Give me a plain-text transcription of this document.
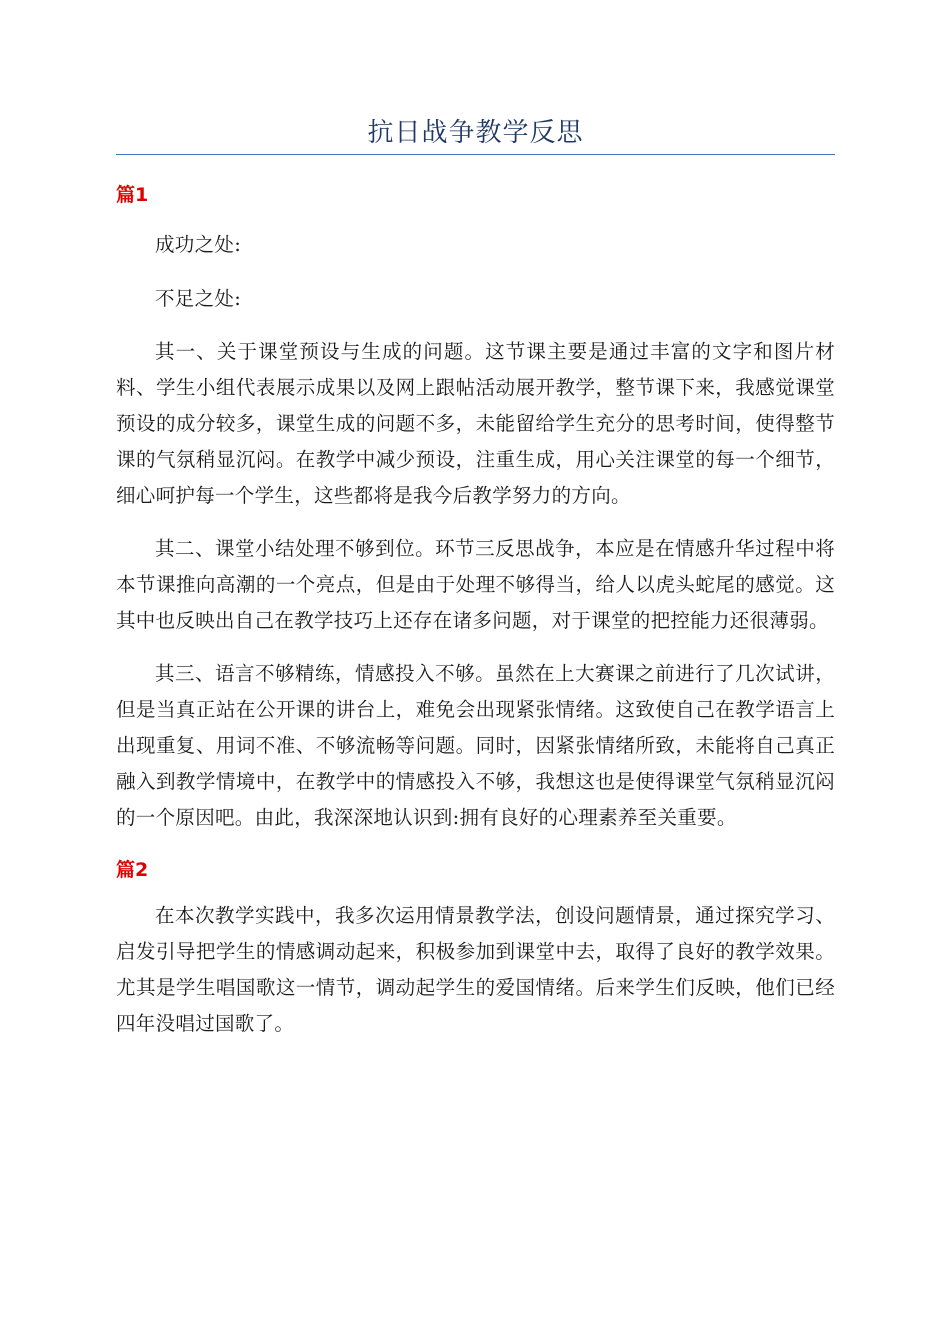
抗日战争教学反思
篇1

成功之处:

不足之处:

其一、关于课堂预设与生成的问题。这节课主要是通过丰富的文字和图片材料、学生小组代表展示成果以及网上跟帖活动展开教学，整节课下来，我感觉课堂预设的成分较多，课堂生成的问题不多，未能留给学生充分的思考时间，使得整节课的气氛稍显沉闷。在教学中减少预设，注重生成，用心关注课堂的每一个细节，细心呵护每一个学生，这些都将是我今后教学努力的方向。

其二、课堂小结处理不够到位。环节三反思战争，本应是在情感升华过程中将本节课推向高潮的一个亮点，但是由于处理不够得当，给人以虎头蛇尾的感觉。这其中也反映出自己在教学技巧上还存在诸多问题，对于课堂的把控能力还很薄弱。

其三、语言不够精练，情感投入不够。虽然在上大赛课之前进行了几次试讲，但是当真正站在公开课的讲台上，难免会出现紧张情绪。这致使自己在教学语言上出现重复、用词不准、不够流畅等问题。同时，因紧张情绪所致，未能将自己真正融入到教学情境中，在教学中的情感投入不够，我想这也是使得课堂气氛稍显沉闷的一个原因吧。由此，我深深地认识到:拥有良好的心理素养至关重要。

篇2

在本次教学实践中，我多次运用情景教学法，创设问题情景，通过探究学习、启发引导把学生的情感调动起来，积极参加到课堂中去，取得了良好的教学效果。尤其是学生唱国歌这一情节，调动起学生的爱国情绪。后来学生们反映，他们已经四年没唱过国歌了。
